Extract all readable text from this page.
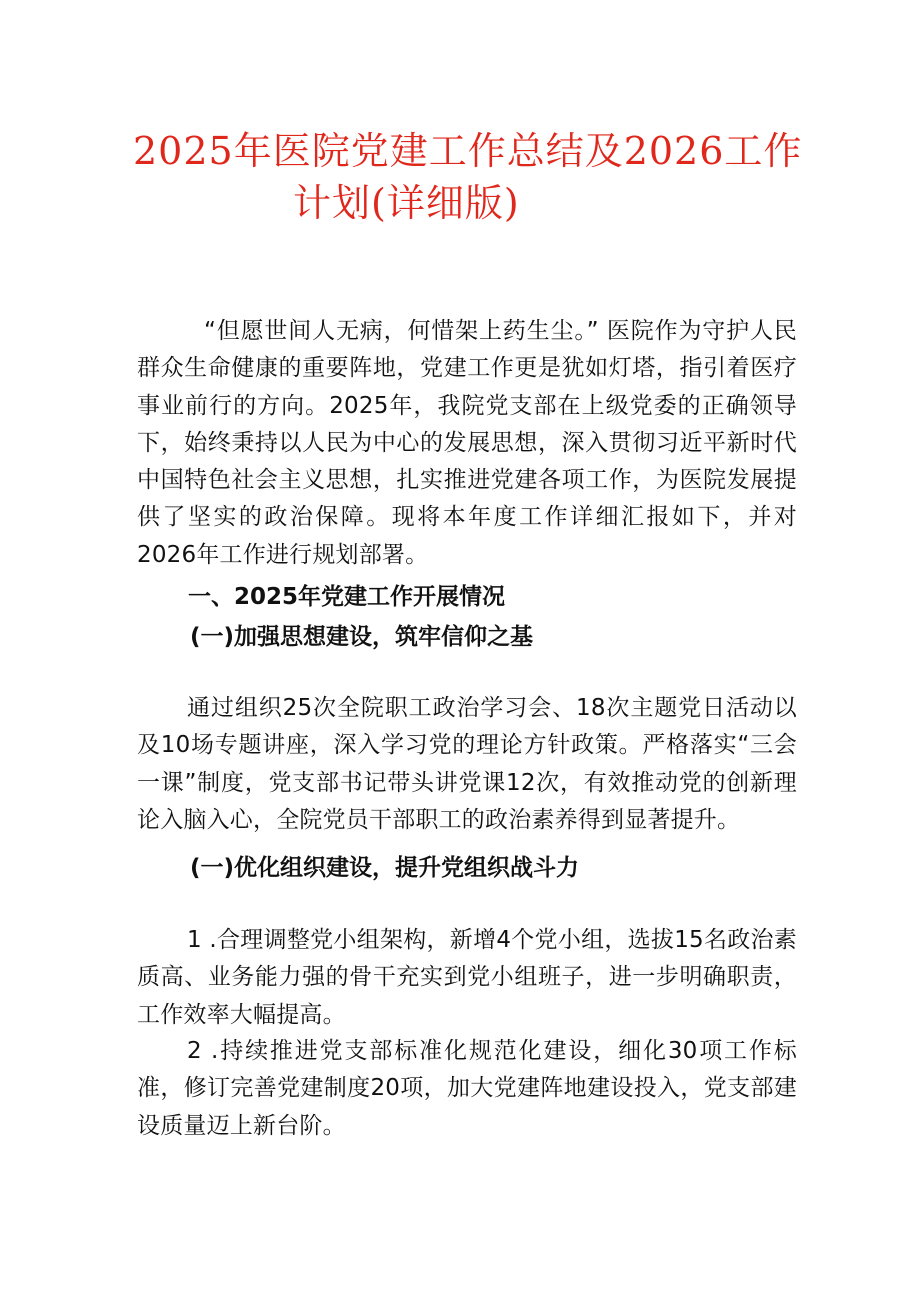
2025年医院党建工作总结及2026工作
计划(详细版)

“但愿世间人无病，何惜架上药生尘。” 医院作为守护人民群众生命健康的重要阵地，党建工作更是犹如灯塔，指引着医疗事业前行的方向。2025年，我院党支部在上级党委的正确领导下，始终秉持以人民为中心的发展思想，深入贯彻习近平新时代中国特色社会主义思想，扎实推进党建各项工作，为医院发展提供了坚实的政治保障。现将本年度工作详细汇报如下，并对2026年工作进行规划部署。

一、2025年党建工作开展情况
(一)加强思想建设，筑牢信仰之基

通过组织25次全院职工政治学习会、18次主题党日活动以及10场专题讲座，深入学习党的理论方针政策。严格落实“三会一课”制度，党支部书记带头讲党课12次，有效推动党的创新理论入脑入心，全院党员干部职工的政治素养得到显著提升。

(一)优化组织建设，提升党组织战斗力

1 .合理调整党小组架构，新增4个党小组，选拔15名政治素质高、业务能力强的骨干充实到党小组班子，进一步明确职责，工作效率大幅提高。

2 .持续推进党支部标准化规范化建设，细化30项工作标准，修订完善党建制度20项，加大党建阵地建设投入，党支部建设质量迈上新台阶。
